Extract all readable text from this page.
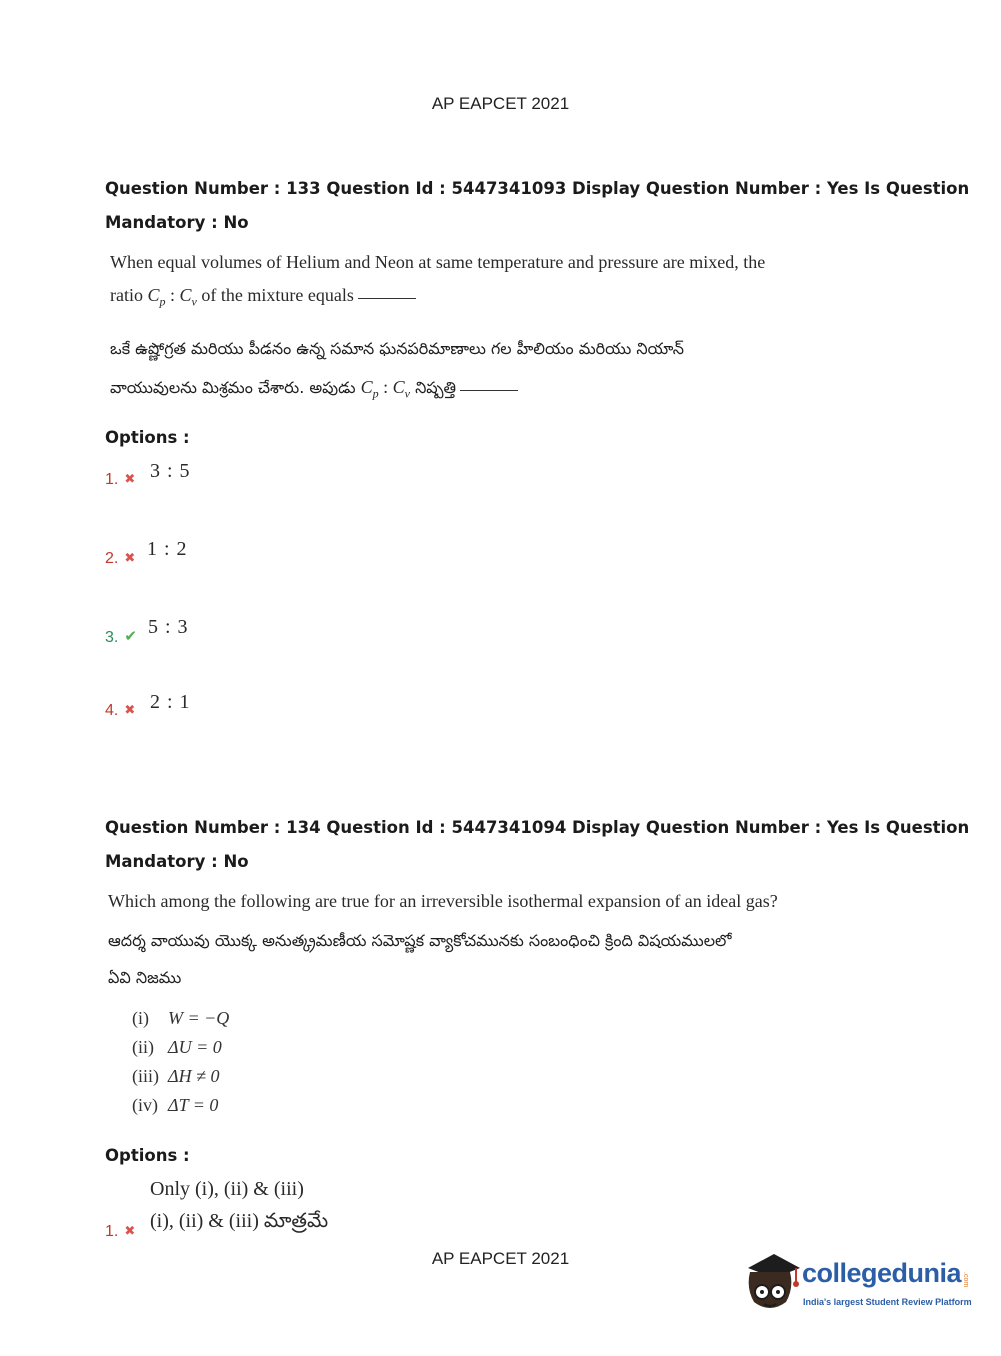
AP EAPCET 2021
Question Number : 133 Question Id : 5447341093 Display Question Number : Yes Is Question
Mandatory : No
When equal volumes of Helium and Neon at same temperature and pressure are mixed, the
ratio $C_p$ : $C_v$ of the mixture equals
ఒకే ఉష్ణోగ్రత మరియు పీడనం ఉన్న సమాన ఘనపరిమాణాలు గల హీలియం మరియు నియాన్
వాయువులను మిశ్రమం చేశారు. అపుడు $C_p$ : $C_v$ నిష్పత్తి
Options :
1. ✖ 3 : 5
2. ✖ 1 : 2
3. ✔ 5 : 3
4. ✖ 2 : 1
Question Number : 134 Question Id : 5447341094 Display Question Number : Yes Is Question
Mandatory : No
Which among the following are true for an irreversible isothermal expansion of an ideal gas?
ఆదర్శ వాయువు యొక్క అనుత్క్రమణీయ సమోష్ణక వ్యాకోచమునకు సంబంధించి క్రింది విషయములలో
ఏవి నిజము
(i) W = −Q
(ii) ΔU = 0
(iii) ΔH ≠ 0
(iv) ΔT = 0
Options :
Only (i), (ii) & (iii)
1. ✖ (i), (ii) & (iii) మాత్రమే
AP EAPCET 2021	collegedunia .com
India's largest Student Review Platform
